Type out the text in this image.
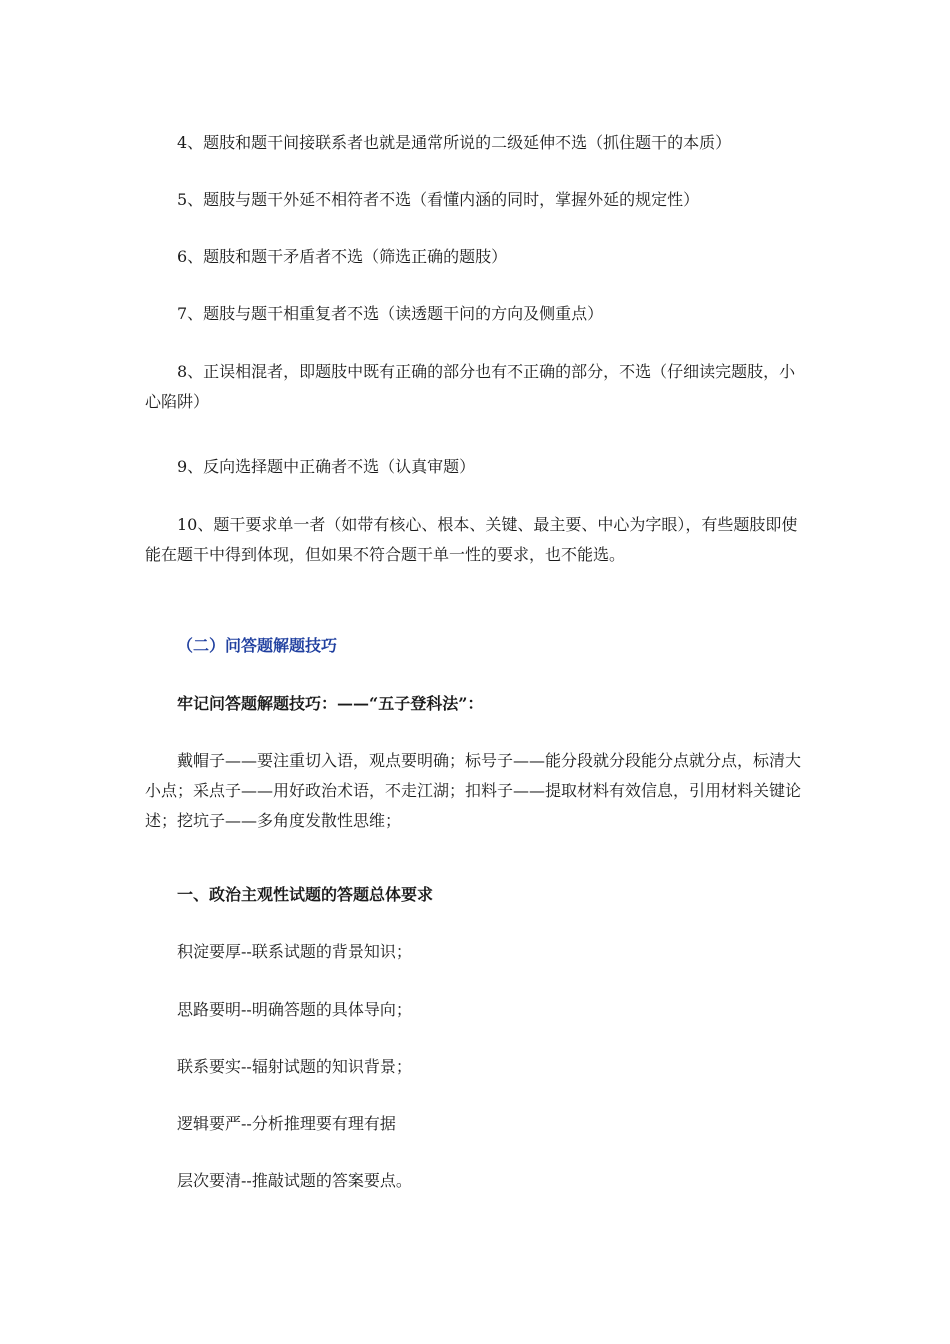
4、题肢和题干间接联系者也就是通常所说的二级延伸不选（抓住题干的本质）

5、题肢与题干外延不相符者不选（看懂内涵的同时，掌握外延的规定性）

6、题肢和题干矛盾者不选（筛选正确的题肢）

7、题肢与题干相重复者不选（读透题干问的方向及侧重点）

8、正误相混者，即题肢中既有正确的部分也有不正确的部分，不选（仔细读完题肢，小心陷阱）

9、反向选择题中正确者不选（认真审题）

10、题干要求单一者（如带有核心、根本、关键、最主要、中心为字眼），有些题肢即使能在题干中得到体现，但如果不符合题干单一性的要求，也不能选。

（二）问答题解题技巧

牢记问答题解题技巧：——“五子登科法”：

戴帽子——要注重切入语，观点要明确；标号子——能分段就分段能分点就分点，标清大小点；采点子——用好政治术语，不走江湖；扣料子——提取材料有效信息，引用材料关键论述；挖坑子——多角度发散性思维；

一、政治主观性试题的答题总体要求

积淀要厚--联系试题的背景知识；

思路要明--明确答题的具体导向；

联系要实--辐射试题的知识背景；

逻辑要严--分析推理要有理有据

层次要清--推敲试题的答案要点。
